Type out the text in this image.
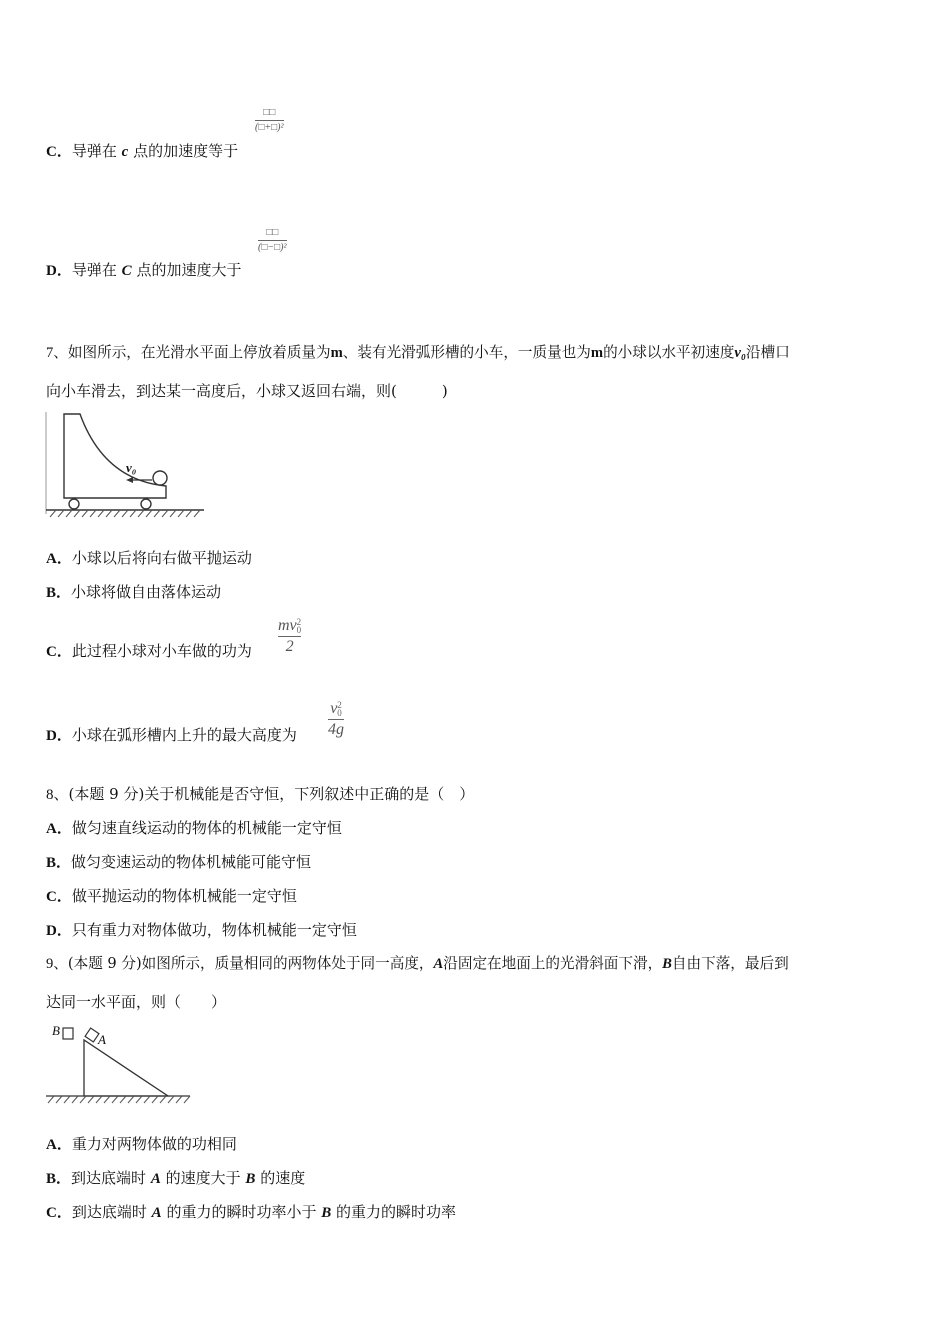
C．导弹在 c 点的加速度等于
□□
(□+□)²
D．导弹在 C 点的加速度大于
□□
(□−□)²
7、如图所示，在光滑水平面上停放着质量为m、装有光滑弧形槽的小车，一质量也为m的小球以水平初速度v₀沿槽口
向小车滑去，到达某一高度后，小球又返回右端，则(　　　)
v₀
A．小球以后将向右做平抛运动
B．小球将做自由落体运动
C．此过程小球对小车做的功为
mv 2
0
2
D．小球在弧形槽内上升的最大高度为
v 2
0
4g
8、(本题 9 分)关于机械能是否守恒，下列叙述中正确的是（　）
A．做匀速直线运动的物体的机械能一定守恒
B．做匀变速运动的物体机械能可能守恒
C．做平抛运动的物体机械能一定守恒
D．只有重力对物体做功，物体机械能一定守恒
9、(本题 9 分)如图所示，质量相同的两物体处于同一高度，A沿固定在地面上的光滑斜面下滑，B自由下落，最后到
达同一水平面，则（　　）
B
A
A．重力对两物体做的功相同
B．到达底端时 A 的速度大于 B 的速度
C．到达底端时 A 的重力的瞬时功率小于 B 的重力的瞬时功率
